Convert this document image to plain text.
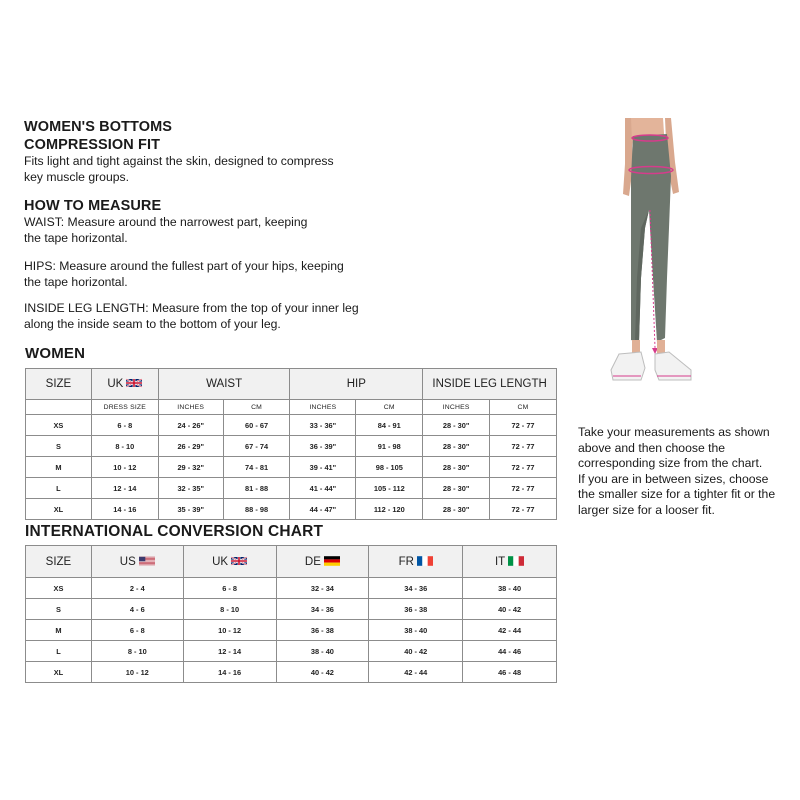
WOMEN'S BOTTOMS
COMPRESSION FIT
Fits light and tight against the skin, designed to compress
key muscle groups.
HOW TO MEASURE
WAIST: Measure around the narrowest part, keeping
the tape horizontal.
HIPS: Measure around the fullest part of your hips, keeping
the tape horizontal.
INSIDE LEG LENGTH: Measure from the top of your inner leg
along the inside seam to the bottom of your leg.
WOMEN
SIZE	UK	WAIST		HIP		INSIDE LEG LENGTH	
	DRESS SIZE	INCHES	CM	INCHES	CM	INCHES	CM
XS	6 - 8	24 - 26"	60 - 67	33 - 36"	84 - 91	28 - 30"	72 - 77
S	8 - 10	26 - 29"	67 - 74	36 - 39"	91 - 98	28 - 30"	72 - 77
M	10 - 12	29 - 32"	74 - 81	39 - 41"	98 - 105	28 - 30"	72 - 77
L	12 - 14	32 - 35"	81 - 88	41 - 44"	105 - 112	28 - 30"	72 - 77
XL	14 - 16	35 - 39"	88 - 98	44 - 47"	112 - 120	28 - 30"	72 - 77
INTERNATIONAL CONVERSION CHART
SIZE	US	UK	DE	FR	IT
XS	2 - 4	6 - 8	32 - 34	34 - 36	38 - 40
S	4 - 6	8 - 10	34 - 36	36 - 38	40 - 42
M	6 - 8	10 - 12	36 - 38	38 - 40	42 - 44
L	8 - 10	12 - 14	38 - 40	40 - 42	44 - 46
XL	10 - 12	14 - 16	40 - 42	42 - 44	46 - 48
Take your measurements as shown
above and then choose the
corresponding size from the chart.
If you are in between sizes, choose
the smaller size for a tighter fit or the
larger size for a looser fit.
